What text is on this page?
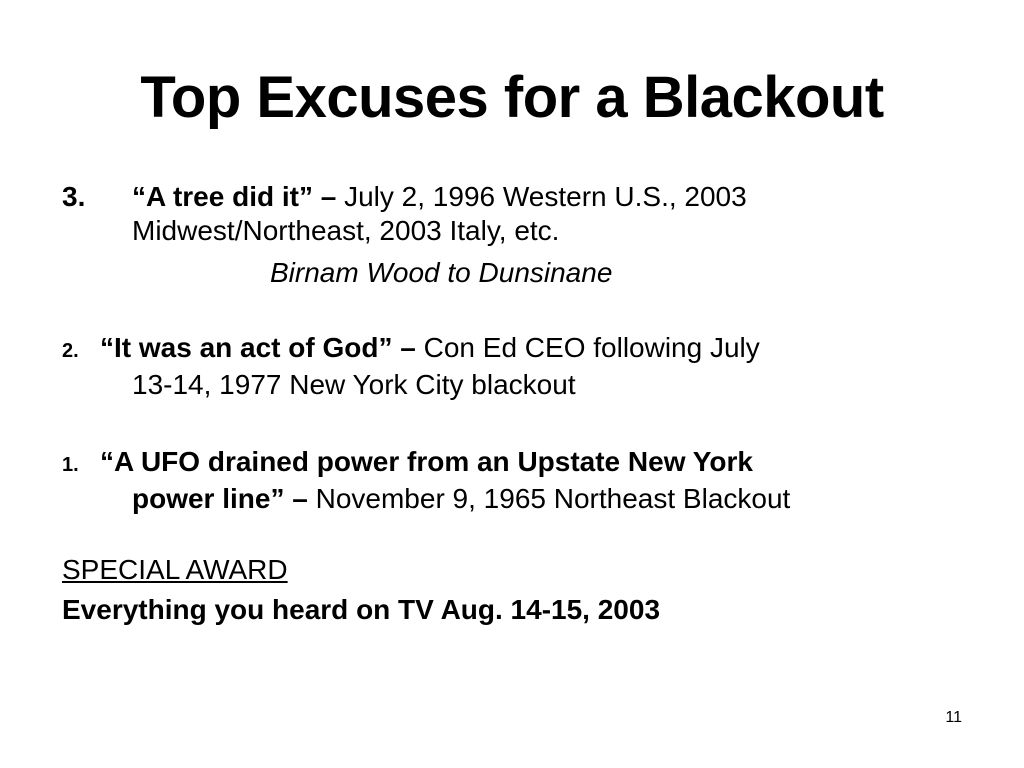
Top Excuses for a Blackout
3. “A tree did it” – July 2, 1996 Western U.S., 2003
Midwest/Northeast, 2003 Italy, etc.
Birnam Wood to Dunsinane
2. “It was an act of God” – Con Ed CEO following July
13-14, 1977 New York City blackout
1. “A UFO drained power from an Upstate New York
power line” – November 9, 1965 Northeast Blackout
SPECIAL AWARD
Everything you heard on TV Aug. 14-15, 2003
11
